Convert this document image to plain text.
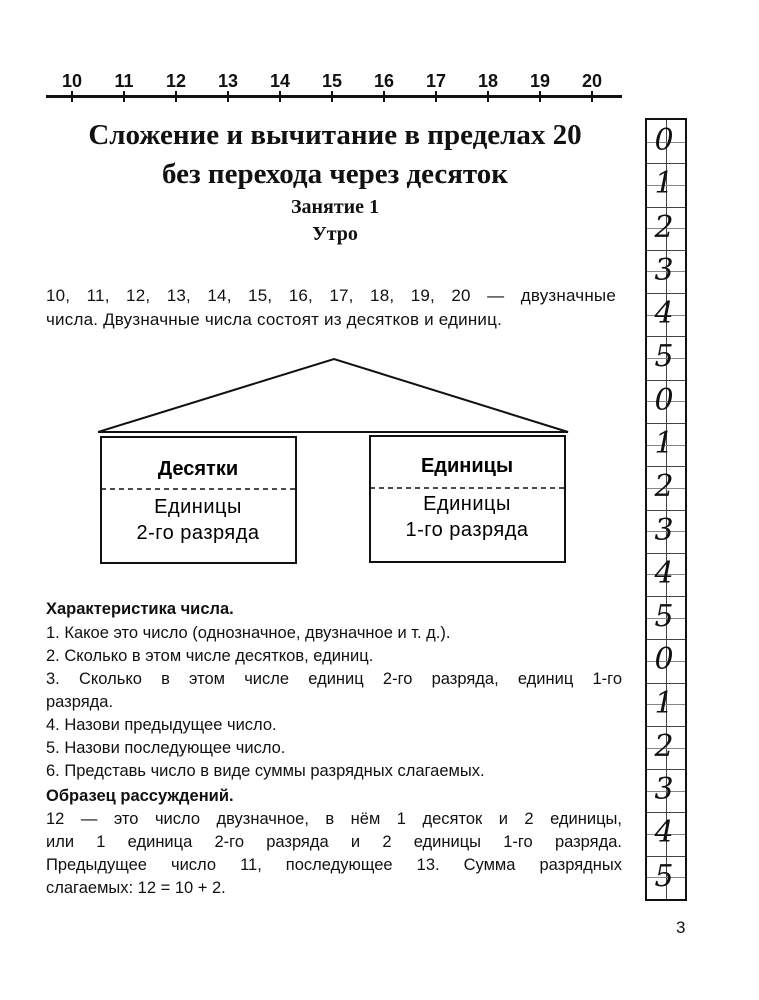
10	11	12	13	14	15	16	17	18	19	20
Сложение и вычитание в пределах 20
без перехода через десяток
Занятие 1
Утро
10, 11, 12, 13, 14, 15, 16, 17, 18, 19, 20 — двузначные
числа. Двузначные числа состоят из десятков и единиц.
Десятки
Единицы
2-го разряда
Единицы
Единицы
1-го разряда
Характеристика числа.
1. Какое это число (однозначное, двузначное и т. д.).
2. Сколько в этом числе десятков, единиц.
3. Сколько в этом числе единиц 2-го разряда, единиц 1-го
разряда.
4. Назови предыдущее число.
5. Назови последующее число.
6. Представь число в виде суммы разрядных слагаемых.
Образец рассуждений.
12 — это число двузначное, в нём 1 десяток и 2 единицы,
или 1 единица 2-го разряда и 2 единицы 1-го разряда.
Предыдущее число 11, последующее 13. Сумма разрядных
слагаемых: 12 = 10 + 2.
0
1
2
3
4
5
0
1
2
3
4
5
0
1
2
3
4
5
3
